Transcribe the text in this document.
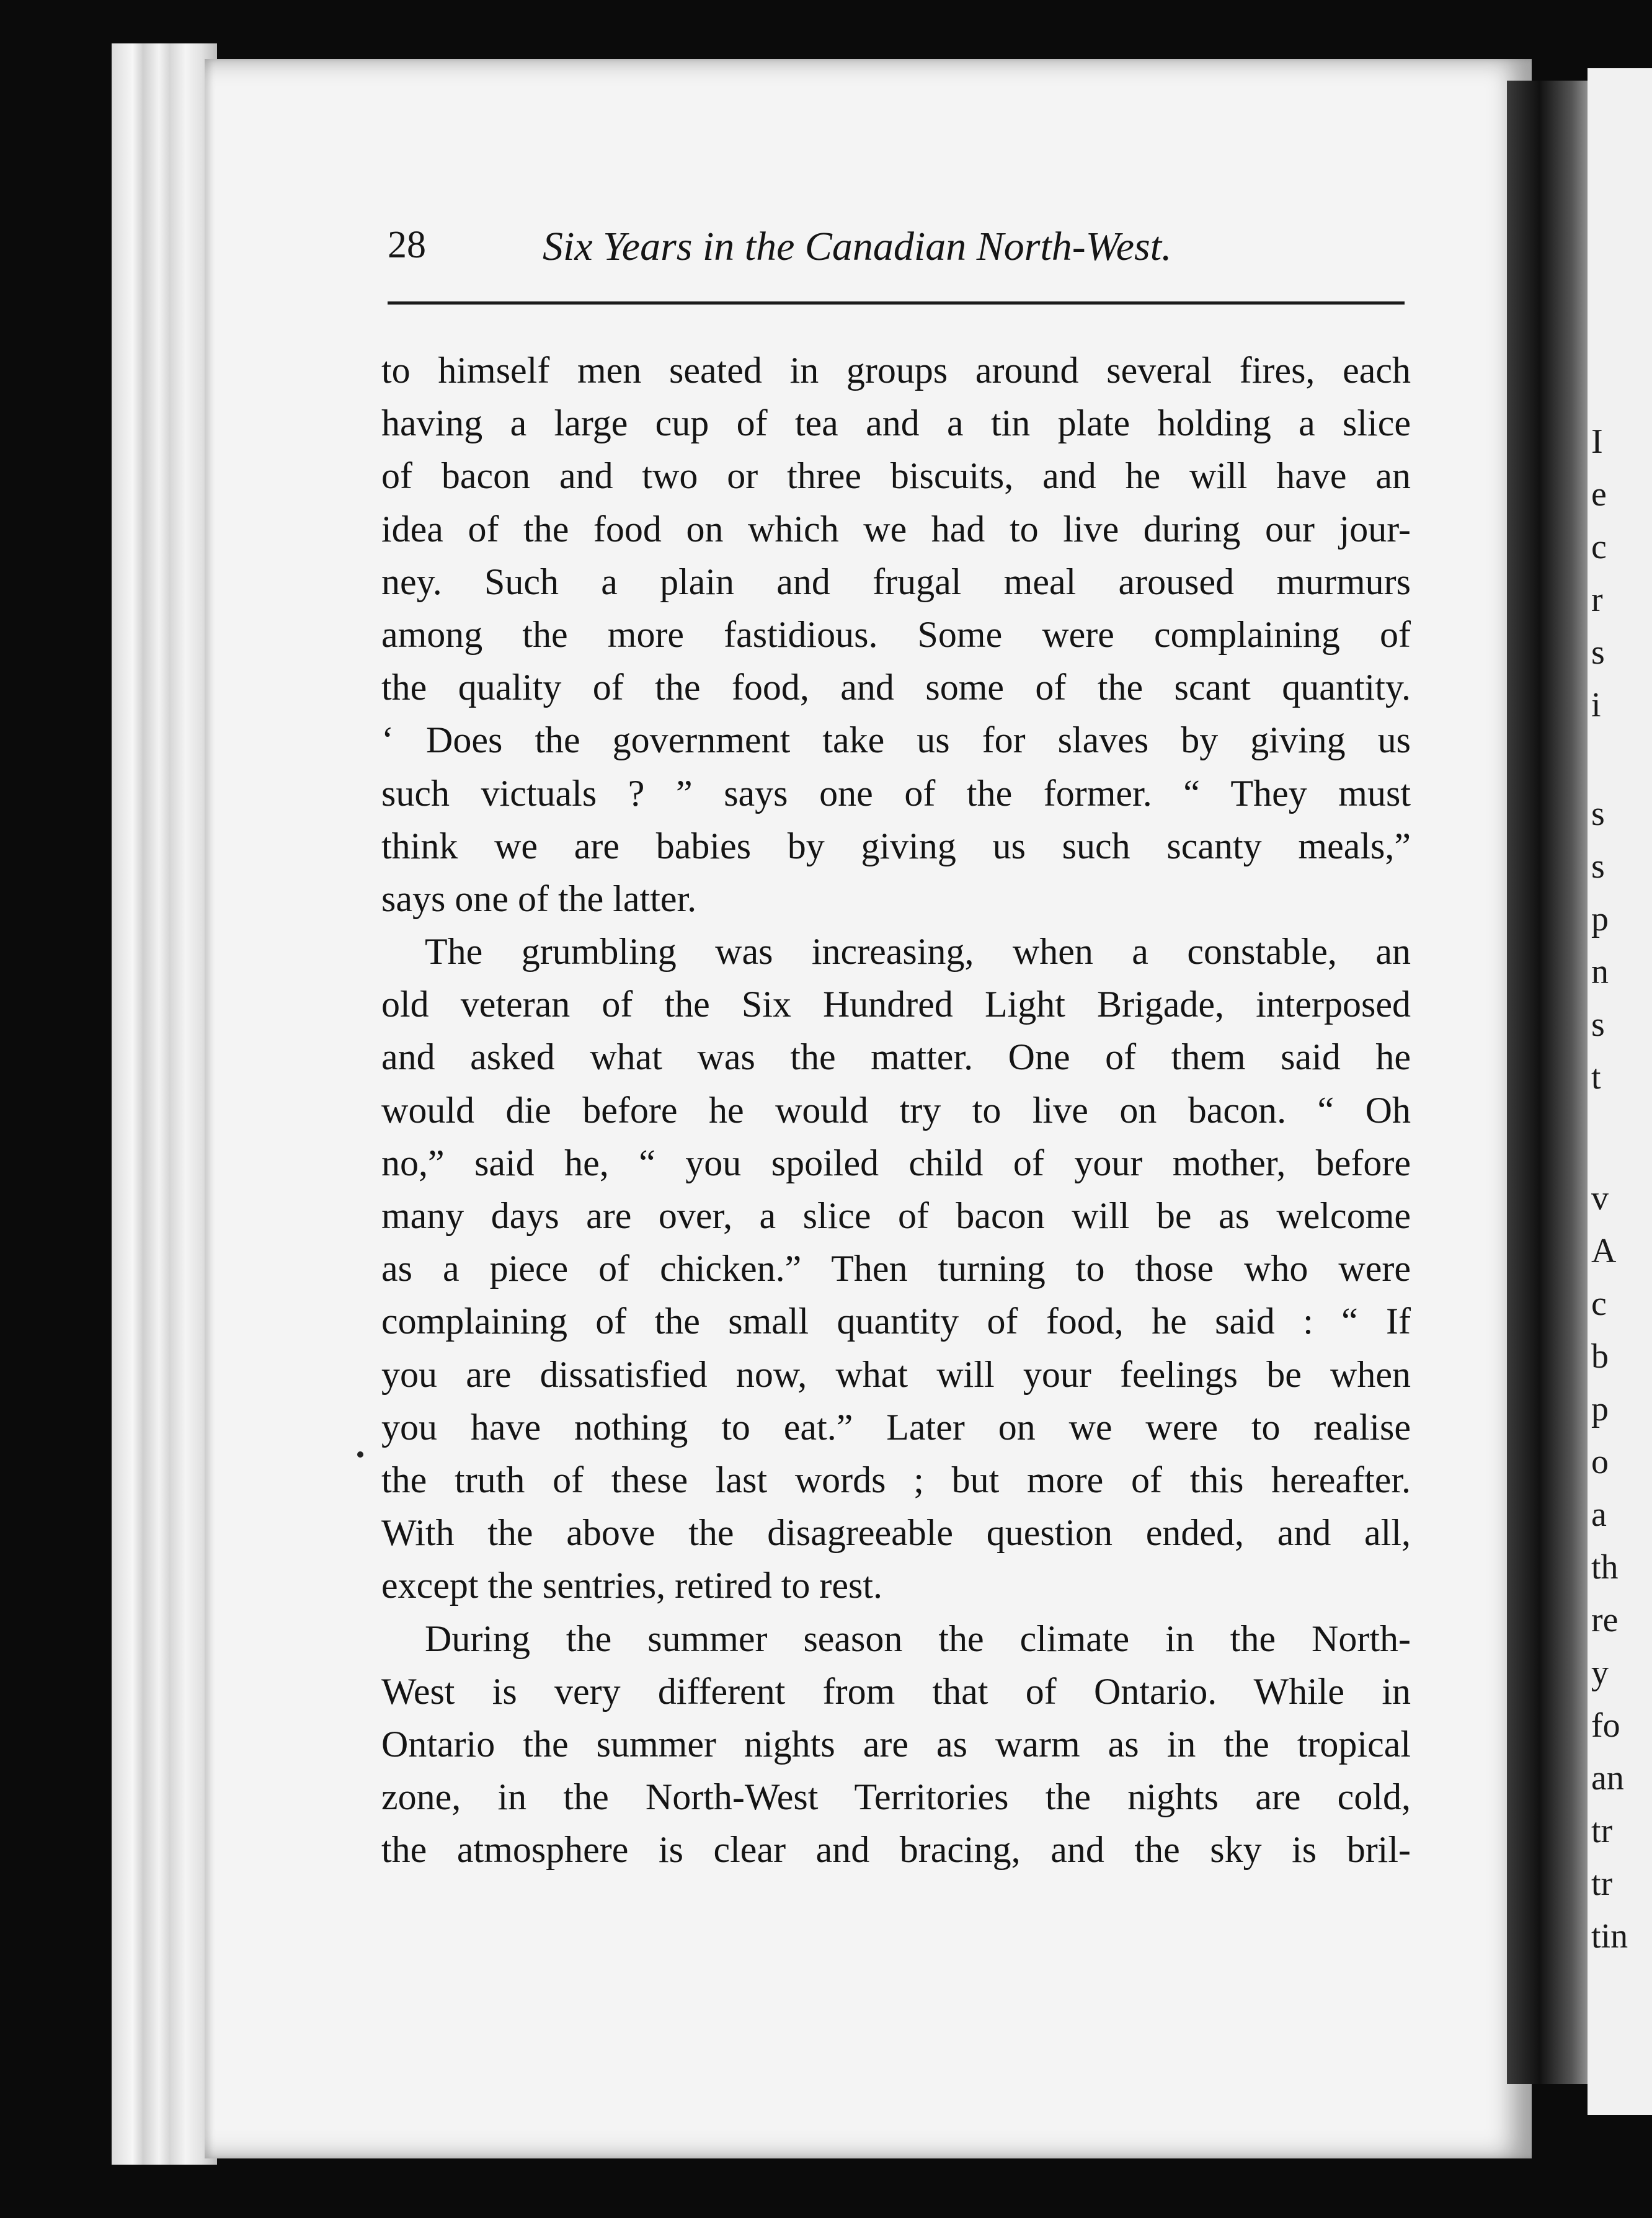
I
e
c
r
s
i
s
s
p
n
s
t
v
A
c
b
p
o
a
th
re
y
fo
an
tr
tr
tin
28	Six Years in the Canadian North-West.
to himself men seated in groups around several fires, each
having a large cup of tea and a tin plate holding a slice
of bacon and two or three biscuits, and he will have an
idea of the food on which we had to live during our jour-
ney. Such a plain and frugal meal aroused murmurs
among the more fastidious. Some were complaining of
the quality of the food, and some of the scant quantity.
‘ Does the government take us for slaves by giving us
such victuals ? ” says one of the former. “ They must
think we are babies by giving us such scanty meals,”
says one of the latter.
The grumbling was increasing, when a constable, an
old veteran of the Six Hundred Light Brigade, interposed
and asked what was the matter. One of them said he
would die before he would try to live on bacon. “ Oh
no,” said he, “ you spoiled child of your mother, before
many days are over, a slice of bacon will be as welcome
as a piece of chicken.” Then turning to those who were
complaining of the small quantity of food, he said : “ If
you are dissatisfied now, what will your feelings be when
you have nothing to eat.” Later on we were to realise
the truth of these last words ; but more of this hereafter.
With the above the disagreeable question ended, and all,
except the sentries, retired to rest.
During the summer season the climate in the North-
West is very different from that of Ontario. While in
Ontario the summer nights are as warm as in the tropical
zone, in the North-West Territories the nights are cold,
the atmosphere is clear and bracing, and the sky is bril-
